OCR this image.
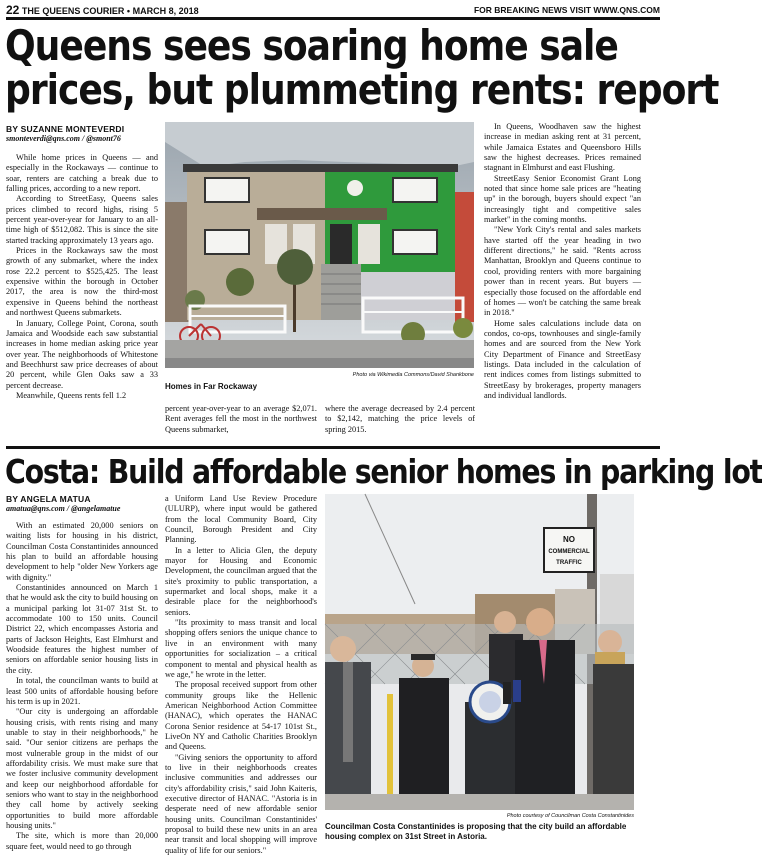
22 THE QUEENS COURIER • MARCH 8, 2018	FOR BREAKING NEWS VISIT WWW.QNS.COM
Queens sees soaring home sale
prices, but plummeting rents: report
BY SUZANNE MONTEVERDI
smonteverdi@qns.com / @smont76

While home prices in Queens — and especially in the Rockaways — continue to soar, renters are catching a break due to falling prices, according to a new report.

According to StreetEasy, Queens sales prices climbed to record highs, rising 5 percent year-over-year for January to an all-time high of $512,082. This is since the site started tracking approximately 13 years ago.

Prices in the Rockaways saw the most growth of any submarket, where the index rose 22.2 percent to $525,425. The least expensive within the borough in October 2017, the area is now the third-most expensive in Queens behind the northeast and northwest Queens submarkets.

In January, College Point, Corona, south Jamaica and Woodside each saw substantial increases in home median asking price year over year. The neighborhoods of Whitestone and Beechhurst saw price decreases of about 20 percent, while Glen Oaks saw a 33 percent decrease.

Meanwhile, Queens rents fell 1.2

Photo via Wikimedia Commons/David Shankbone
Homes in Far Rockaway
percent year-over-year to an average $2,071. Rent averages fell the most in the northwest Queens submarket,
where the average decreased by 2.4 percent to $2,142, matching the price levels of spring 2015.

In Queens, Woodhaven saw the highest increase in median asking rent at 31 percent, while Jamaica Estates and Queensboro Hills saw the highest decreases. Prices remained stagnant in Elmhurst and east Flushing.

StreetEasy Senior Economist Grant Long noted that since home sale prices are "heating up" in the borough, buyers should expect "an increasingly tight and competitive sales market" in the coming months.

"New York City's rental and sales markets have started off the year heading in two different directions," he said. "Rents across Manhattan, Brooklyn and Queens continue to cool, providing renters with more bargaining power than in recent years. But buyers — especially those focused on the affordable end of homes — won't be catching the same break in 2018."

Home sales calculations include data on condos, co-ops, townhouses and single-family homes and are sourced from the New York City Department of Finance and StreetEasy listings. Data included in the calculation of rent indices comes from listings submitted to StreetEasy by brokerages, property managers and individual landlords.

Costa: Build affordable senior homes in parking lot
BY ANGELA MATUA
amatua@qns.com / @angelamatue

With an estimated 20,000 seniors on waiting lists for housing in his district, Councilman Costa Constantinides announced his plan to build an affordable housing development to help "older New Yorkers age with dignity."

Constantinides announced on March 1 that he would ask the city to build housing on a municipal parking lot 31-07 31st St. to accommodate 100 to 150 units. Council District 22, which encompasses Astoria and parts of Jackson Heights, East Elmhurst and Woodside features the highest number of seniors on affordable senior housing lists in the city.

In total, the councilman wants to build at least 500 units of affordable housing before his term is up in 2021.

"Our city is undergoing an affordable housing crisis, with rents rising and many unable to stay in their neighborhoods," he said. "Our senior citizens are perhaps the most vulnerable group in the midst of our affordability crisis. We must make sure that we foster inclusive community development and keep our neighborhood affordable for seniors who want to stay in the neighborhood they call home by actively seeking opportunities to build more affordable housing units."

The site, which is more than 20,000 square feet, would need to go through

a Uniform Land Use Review Procedure (ULURP), where input would be gathered from the local Community Board, City Council, Borough President and City Planning.

In a letter to Alicia Glen, the deputy mayor for Housing and Economic Development, the councilman argued that the site's proximity to public transportation, a supermarket and local shops, make it a desirable place for the neighborhood's seniors.

"Its proximity to mass transit and local shopping offers seniors the unique chance to live in an environment with many opportunities for socialization – a critical component to mental and physical health as we age," he wrote in the letter.

The proposal received support from other community groups like the Hellenic American Neighborhood Action Committee (HANAC), which operates the HANAC Corona Senior residence at 54-17 101st St., LiveOn NY and Catholic Charities Brooklyn and Queens.

"Giving seniors the opportunity to afford to live in their neighborhoods creates inclusive communities and addresses our city's affordability crisis," said John Kaiteris, executive director of HANAC. "Astoria is in desperate need of new affordable senior housing units. Councilman Constantinides' proposal to build these new units in an area near transit and local shopping will improve quality of life for our seniors."

NO
COMMERCIAL
TRAFFIC
Photo courtesy of Councilman Costa Constantinides
Councilman Costa Constantinides is proposing that the city build an affordable housing complex on 31st Street in Astoria.
